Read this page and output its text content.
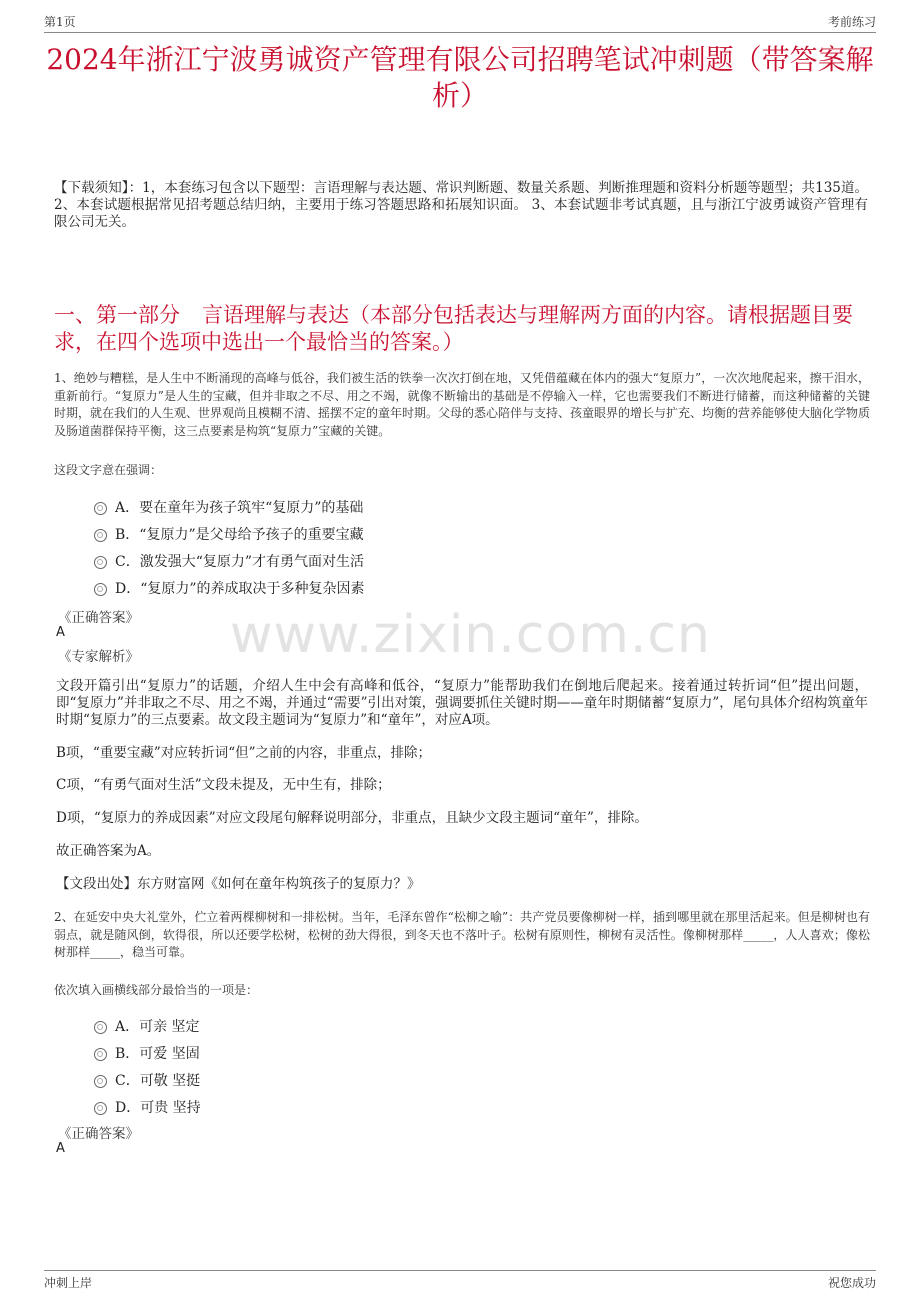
第1页	考前练习
2024年浙江宁波勇诚资产管理有限公司招聘笔试冲刺题（带答案解析）
【下载须知】：1，本套练习包含以下题型：言语理解与表达题、常识判断题、数量关系题、判断推理题和资料分析题等题型；共135道。 2、本套试题根据常见招考题总结归纳，主要用于练习答题思路和拓展知识面。 3、本套试题非考试真题，且与浙江宁波勇诚资产管理有限公司无关。
一、第一部分 言语理解与表达（本部分包括表达与理解两方面的内容。请根据题目要求，在四个选项中选出一个最恰当的答案。）
1、绝妙与糟糕，是人生中不断涌现的高峰与低谷，我们被生活的铁拳一次次打倒在地，又凭借蕴藏在体内的强大“复原力”，一次次地爬起来，擦干泪水，重新前行。“复原力”是人生的宝藏，但并非取之不尽、用之不竭，就像不断输出的基础是不停输入一样，它也需要我们不断进行储蓄，而这种储蓄的关键时期，就在我们的人生观、世界观尚且模糊不清、摇摆不定的童年时期。父母的悉心陪伴与支持、孩童眼界的增长与扩充、均衡的营养能够使大脑化学物质及肠道菌群保持平衡，这三点要素是构筑“复原力”宝藏的关键。
这段文字意在强调：
A．要在童年为孩子筑牢“复原力”的基础
B．“复原力”是父母给予孩子的重要宝藏
C．激发强大“复原力”才有勇气面对生活
D．“复原力”的养成取决于多种复杂因素
www.zixin.com.cn
《正确答案》
A
《专家解析》
文段开篇引出“复原力”的话题，介绍人生中会有高峰和低谷，“复原力”能帮助我们在倒地后爬起来。接着通过转折词“但”提出问题，即“复原力”并非取之不尽、用之不竭，并通过“需要”引出对策，强调要抓住关键时期——童年时期储蓄“复原力”，尾句具体介绍构筑童年时期“复原力”的三点要素。故文段主题词为“复原力”和“童年”，对应A项。
B项，“重要宝藏”对应转折词“但”之前的内容，非重点，排除；
C项，“有勇气面对生活”文段未提及，无中生有，排除；
D项，“复原力的养成因素”对应文段尾句解释说明部分，非重点，且缺少文段主题词“童年”，排除。
故正确答案为A。
【文段出处】东方财富网《如何在童年构筑孩子的复原力？》
2、在延安中央大礼堂外，伫立着两棵柳树和一排松树。当年，毛泽东曾作“松柳之喻”：共产党员要像柳树一样，插到哪里就在那里活起来。但是柳树也有弱点，就是随风倒，软得很，所以还要学松树，松树的劲大得很，到冬天也不落叶子。松树有原则性，柳树有灵活性。像柳树那样_____，人人喜欢；像松树那样_____，稳当可靠。
依次填入画横线部分最恰当的一项是：
A．可亲 坚定
B．可爱 坚固
C．可敬 坚挺
D．可贵 坚持
《正确答案》
A
冲刺上岸	祝您成功
